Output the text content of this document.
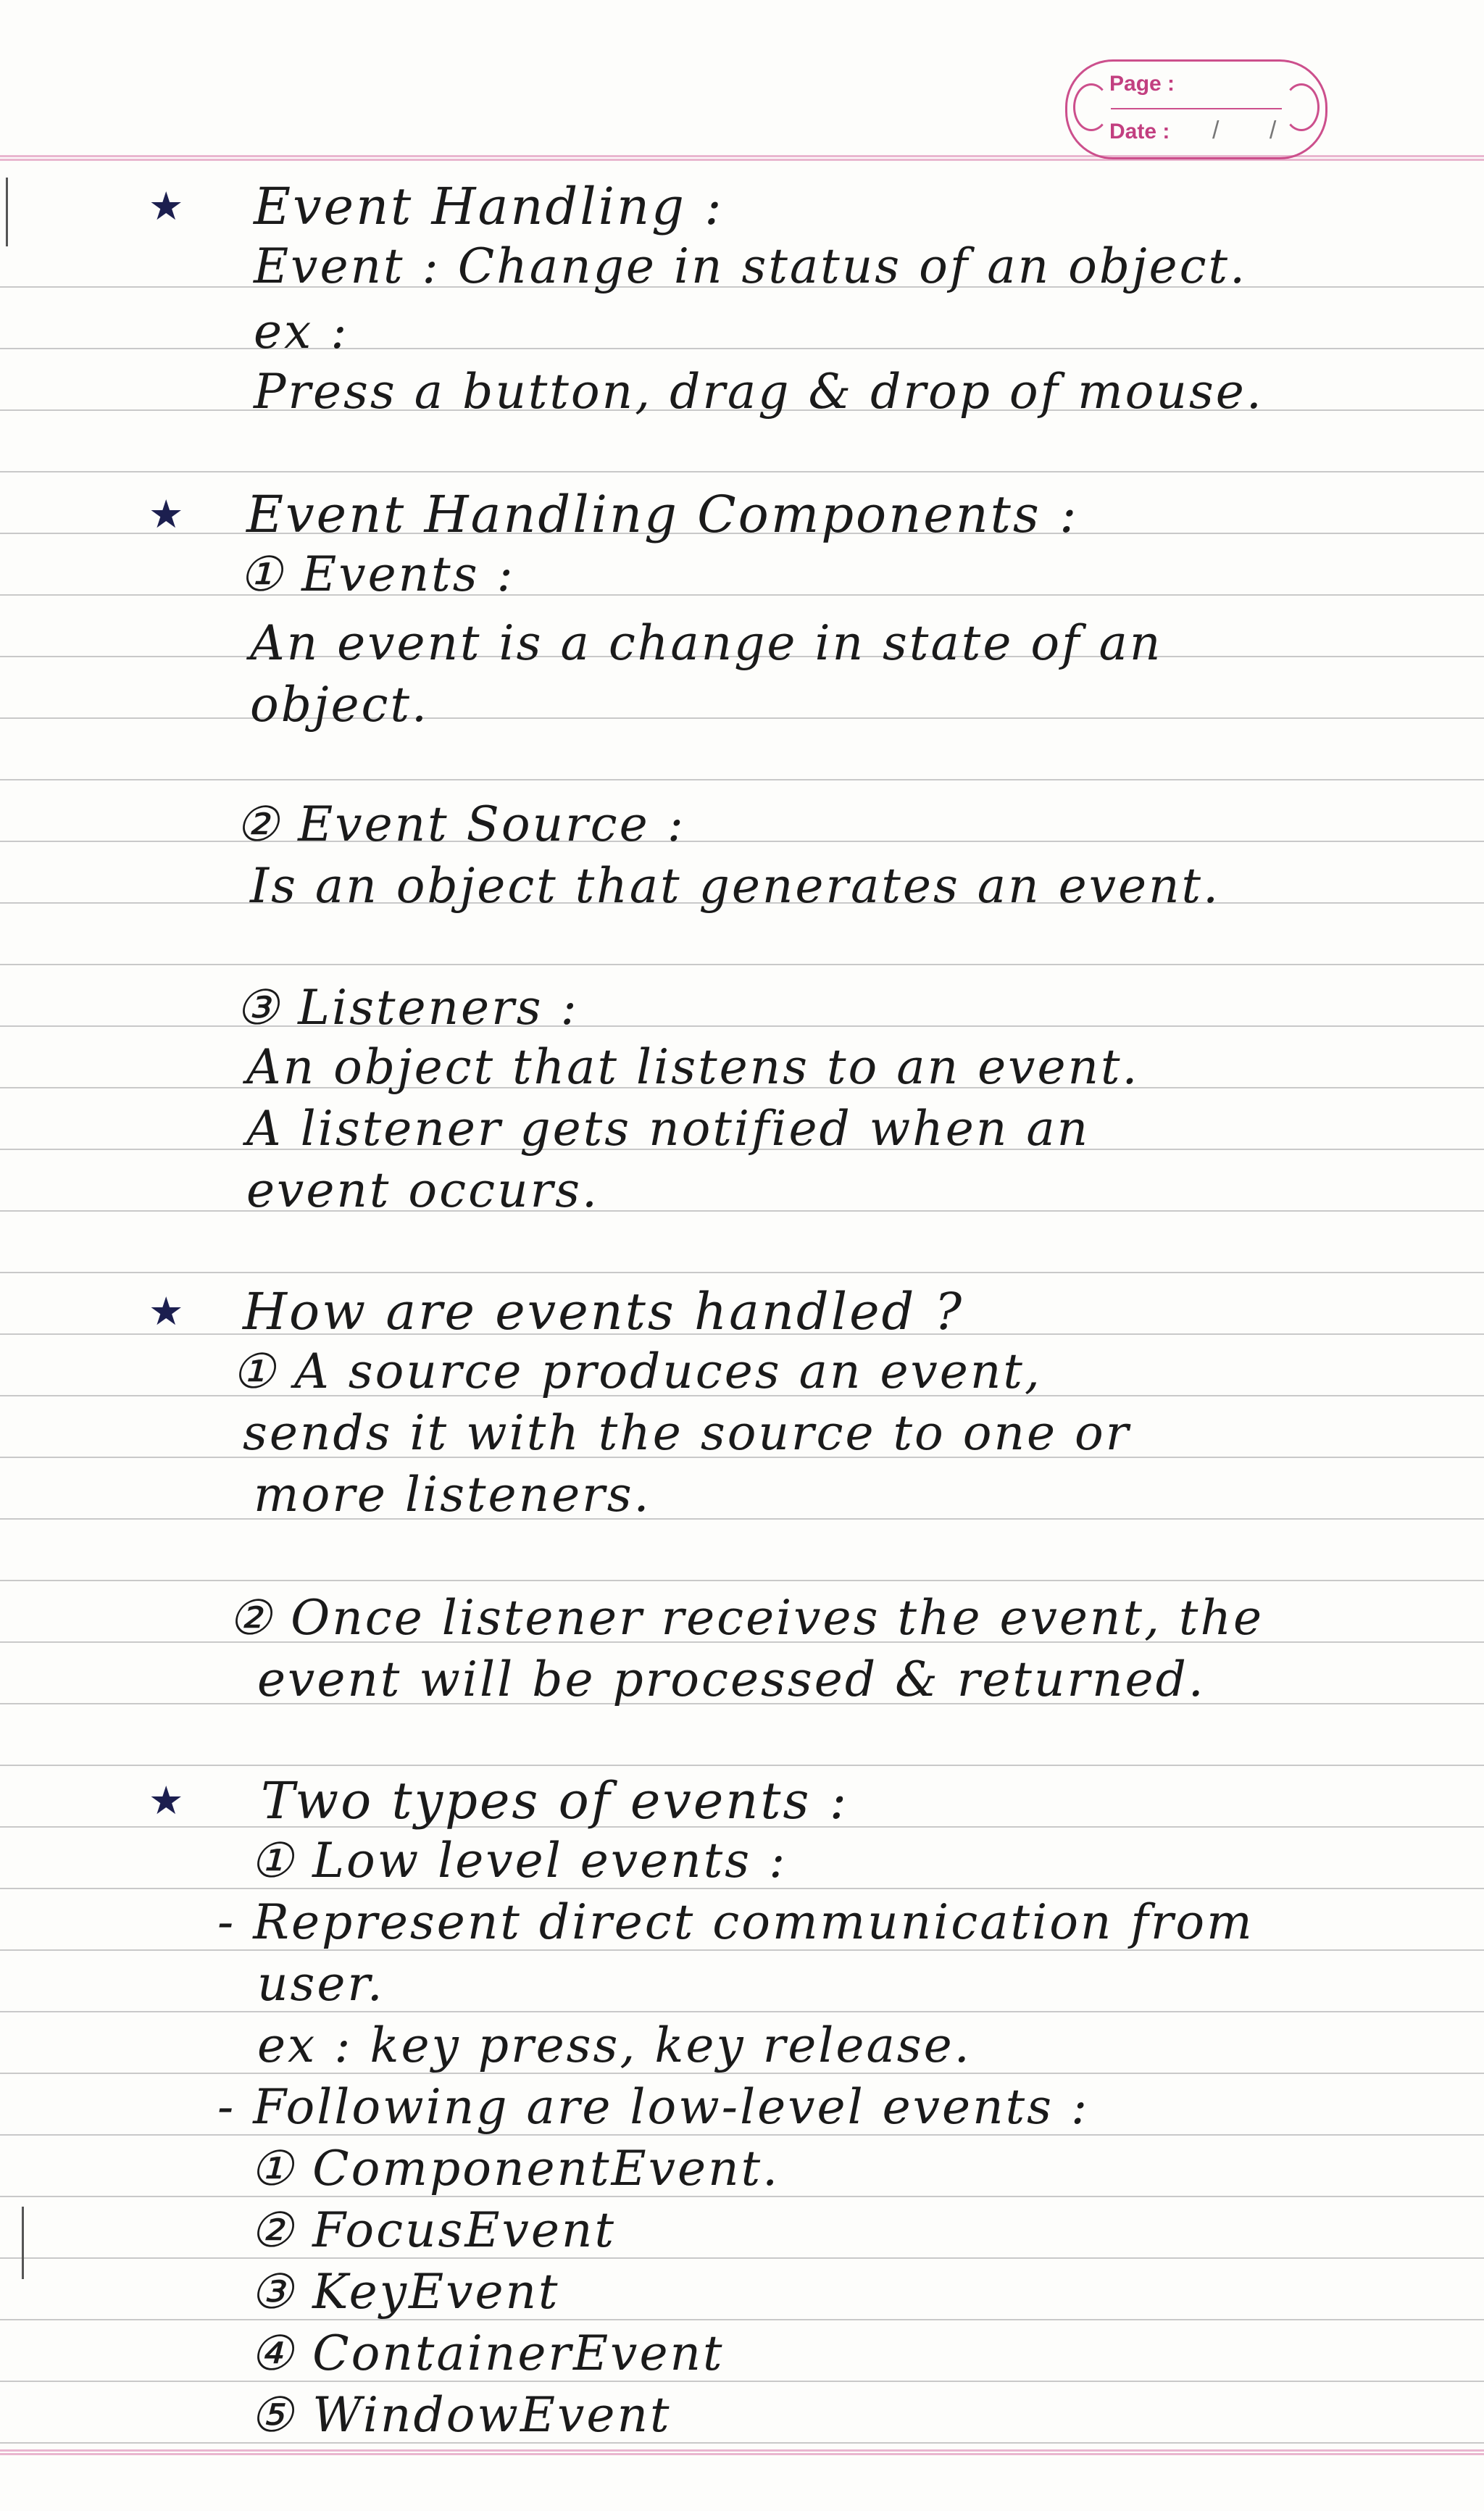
Page :
Date : / /
★ Event Handling :
Event : Change in status of an object.
ex :
Press a button, drag & drop of mouse.
★ Event Handling Components :
① Events :
An event is a change in state of an
object.
② Event Source :
Is an object that generates an event.
③ Listeners :
An object that listens to an event.
A listener gets notified when an
event occurs.
★ How are events handled ?
① A source produces an event,
sends it with the source to one or
more listeners.
② Once listener receives the event, the
event will be processed & returned.
★ Two types of events :
① Low level events :
- Represent direct communication from
user.
ex : key press, key release.
- Following are low-level events :
① ComponentEvent.
② FocusEvent
③ KeyEvent
④ ContainerEvent
⑤ WindowEvent
